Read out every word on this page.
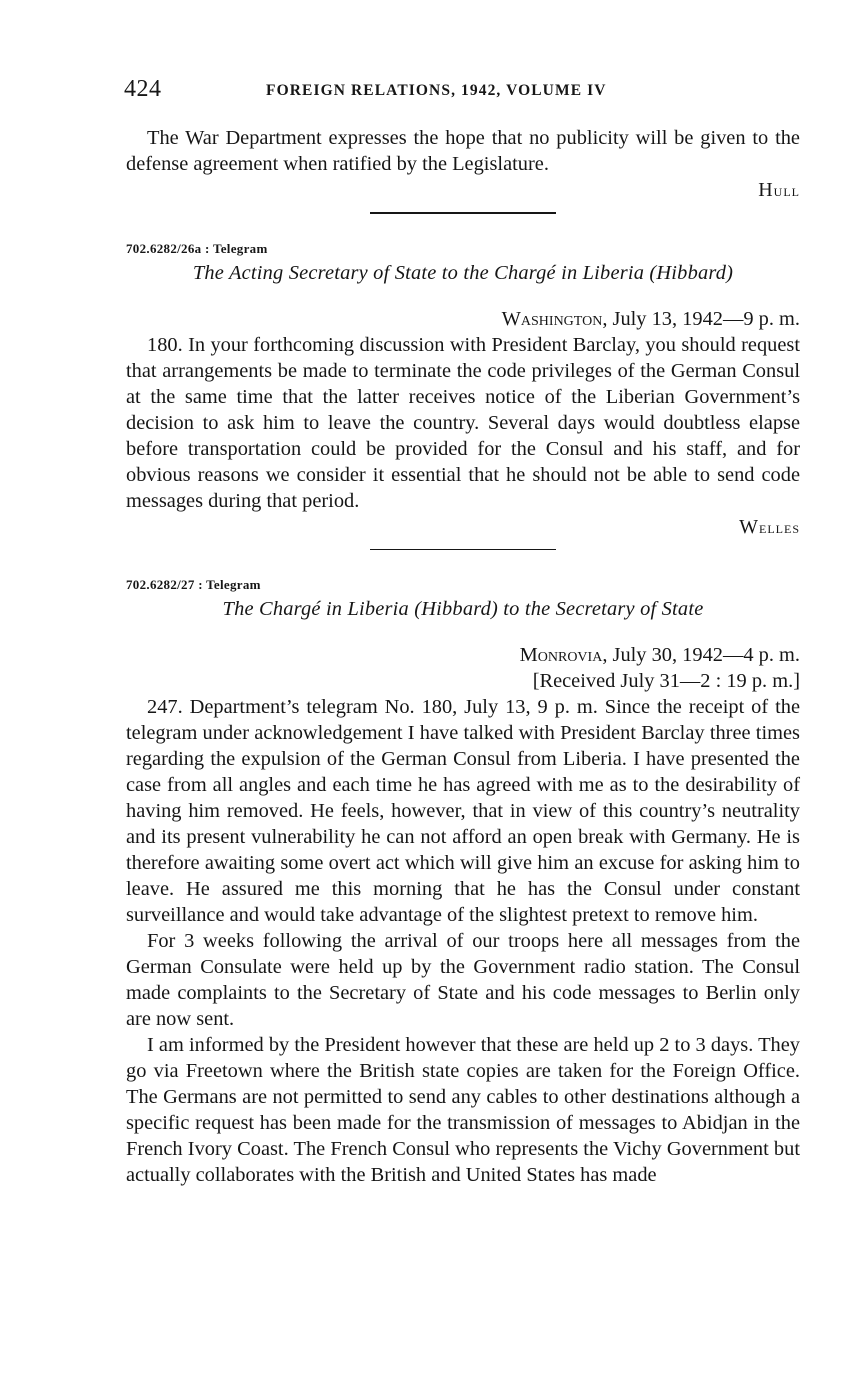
424	FOREIGN RELATIONS, 1942, VOLUME IV

The War Department expresses the hope that no publicity will be given to the defense agreement when ratified by the Legislature.

Hull

702.6282/26a : Telegram
The Acting Secretary of State to the Chargé in Liberia (Hibbard)
Washington, July 13, 1942—9 p. m.

180. In your forthcoming discussion with President Barclay, you should request that arrangements be made to terminate the code privileges of the German Consul at the same time that the latter receives notice of the Liberian Government’s decision to ask him to leave the country. Several days would doubtless elapse before transportation could be provided for the Consul and his staff, and for obvious reasons we consider it essential that he should not be able to send code messages during that period.

Welles

702.6282/27 : Telegram
The Chargé in Liberia (Hibbard) to the Secretary of State
Monrovia, July 30, 1942—4 p. m.
[Received July 31—2 : 19 p. m.]

247. Department’s telegram No. 180, July 13, 9 p. m. Since the receipt of the telegram under acknowledgement I have talked with President Barclay three times regarding the expulsion of the German Consul from Liberia. I have presented the case from all angles and each time he has agreed with me as to the desirability of having him removed. He feels, however, that in view of this country’s neutrality and its present vulnerability he can not afford an open break with Germany. He is therefore awaiting some overt act which will give him an excuse for asking him to leave. He assured me this morning that he has the Consul under constant surveillance and would take advantage of the slightest pretext to remove him.

For 3 weeks following the arrival of our troops here all messages from the German Consulate were held up by the Government radio station. The Consul made complaints to the Secretary of State and his code messages to Berlin only are now sent.

I am informed by the President however that these are held up 2 to 3 days. They go via Freetown where the British state copies are taken for the Foreign Office. The Germans are not permitted to send any cables to other destinations although a specific request has been made for the transmission of messages to Abidjan in the French Ivory Coast. The French Consul who represents the Vichy Government but actually collaborates with the British and United States has made
